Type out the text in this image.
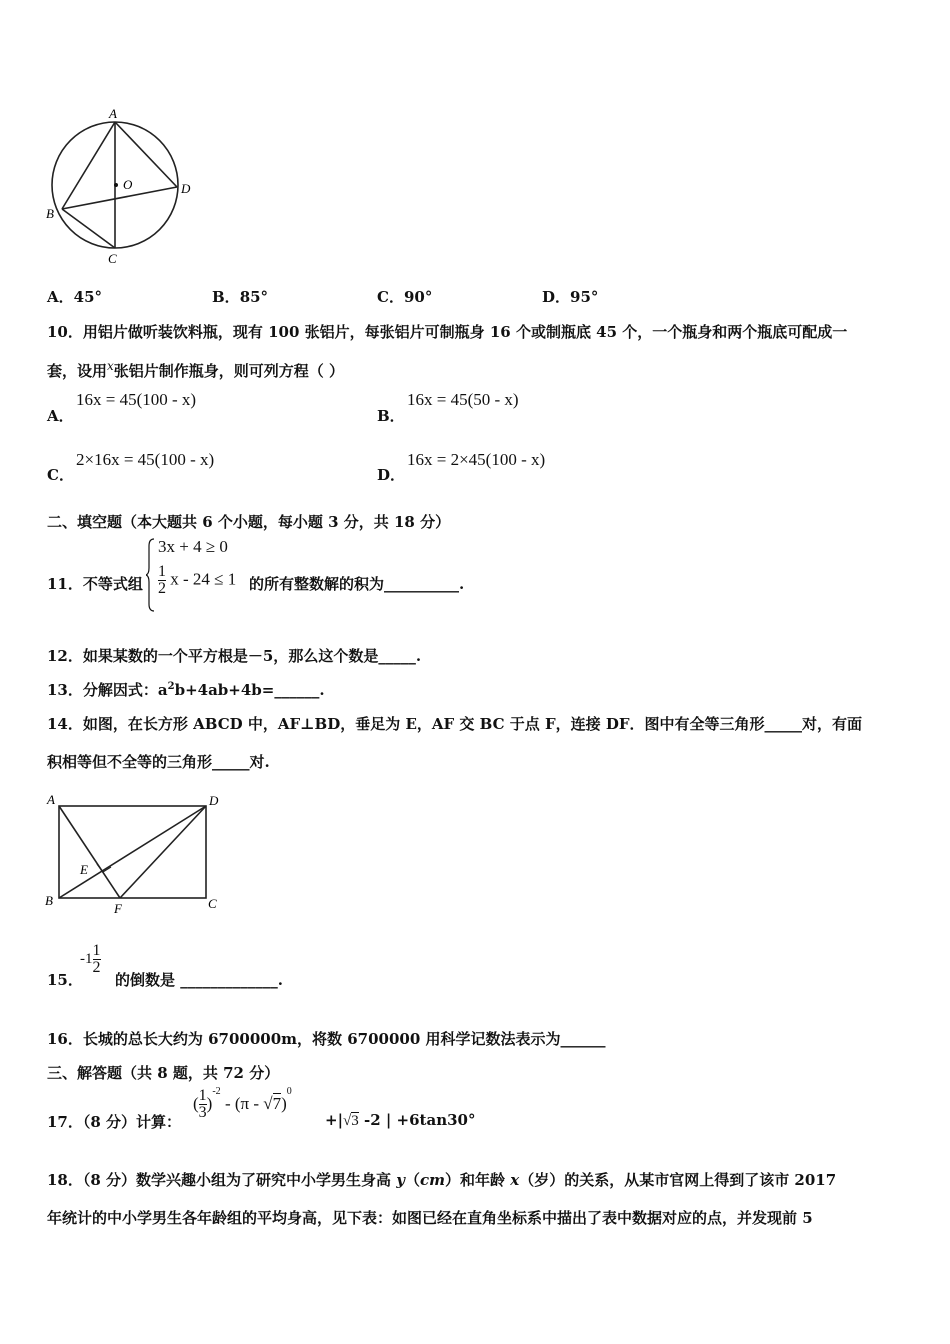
A
O	D
B
C
A．45°	B．85°	C．90°	D．95°
10．用铝片做听装饮料瓶，现有 100 张铝片，每张铝片可制瓶身 16 个或制瓶底 45 个，一个瓶身和两个瓶底可配成一
套，设用$^x$张铝片制作瓶身，则可列方程（ ）
A．
16x = 45(100 - x)
B．
16x = 45(50 - x)
C．
2×16x = 45(100 - x)
D．
16x = 2×45(100 - x)
二、填空题（本大题共 6 个小题，每小题 3 分，共 18 分）
11．不等式组
3x + 4 ≥ 0
$\frac{1}{2}$ x - 24 ≤ 1 的所有整数解的积为__________.
12．如果某数的一个平方根是－5，那么这个数是_____.
13．分解因式：$a^2b+4ab+4b=\_\_\_\_\_\_$.
14．如图，在长方形 ABCD 中，AF⊥BD，垂足为 E，AF 交 BC 于点 F，连接 DF．图中有全等三角形_____对，有面
积相等但不全等的三角形_____对.
A	D
E
B
F	C
15．
$-1 \frac{1}{2}$
的倒数是 _____________.
16．长城的总长大约为 6700000m，将数 6700000 用科学记数法表示为______
三、解答题（共 8 题，共 72 分）
17．（8 分）计算：
( $\frac{1}{3} )^{-2} - (\pi - √7)^0$
+|√3 -2 | +6tan30°
18．（8 分）数学兴趣小组为了研究中小学男生身高 y（cm）和年龄 x（岁）的关系，从某市官网上得到了该市 2017
年统计的中小学男生各年龄组的平均身高，见下表：如图已经在直角坐标系中描出了表中数据对应的点，并发现前 5
